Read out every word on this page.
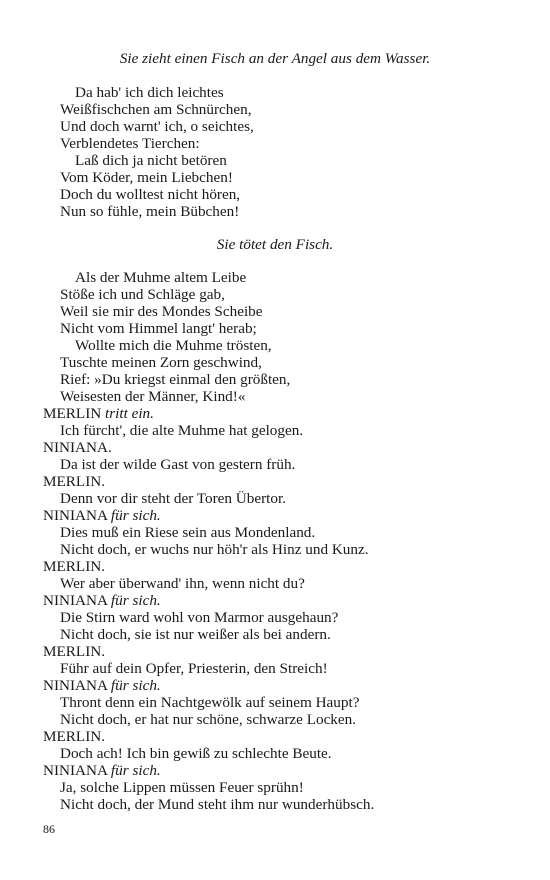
Sie zieht einen Fisch an der Angel aus dem Wasser.
Da hab' ich dich leichtes
Weißfischchen am Schnürchen,
Und doch warnt' ich, o seichtes,
Verblendetes Tierchen:
Laß dich ja nicht betören
Vom Köder, mein Liebchen!
Doch du wolltest nicht hören,
Nun so fühle, mein Bübchen!
Sie tötet den Fisch.
Als der Muhme altem Leibe
Stöße ich und Schläge gab,
Weil sie mir des Mondes Scheibe
Nicht vom Himmel langt' herab;
Wollte mich die Muhme trösten,
Tuschte meinen Zorn geschwind,
Rief: »Du kriegst einmal den größten,
Weisesten der Männer, Kind!«
MERLIN tritt ein.
Ich fürcht', die alte Muhme hat gelogen.
NINIANA.
Da ist der wilde Gast von gestern früh.
MERLIN.
Denn vor dir steht der Toren Übertor.
NINIANA für sich.
Dies muß ein Riese sein aus Mondenland.
Nicht doch, er wuchs nur höh'r als Hinz und Kunz.
MERLIN.
Wer aber überwand' ihn, wenn nicht du?
NINIANA für sich.
Die Stirn ward wohl von Marmor ausgehaun?
Nicht doch, sie ist nur weißer als bei andern.
MERLIN.
Führ auf dein Opfer, Priesterin, den Streich!
NINIANA für sich.
Thront denn ein Nachtgewölk auf seinem Haupt?
Nicht doch, er hat nur schöne, schwarze Locken.
MERLIN.
Doch ach! Ich bin gewiß zu schlechte Beute.
NINIANA für sich.
Ja, solche Lippen müssen Feuer sprühn!
Nicht doch, der Mund steht ihm nur wunderhübsch.
86
